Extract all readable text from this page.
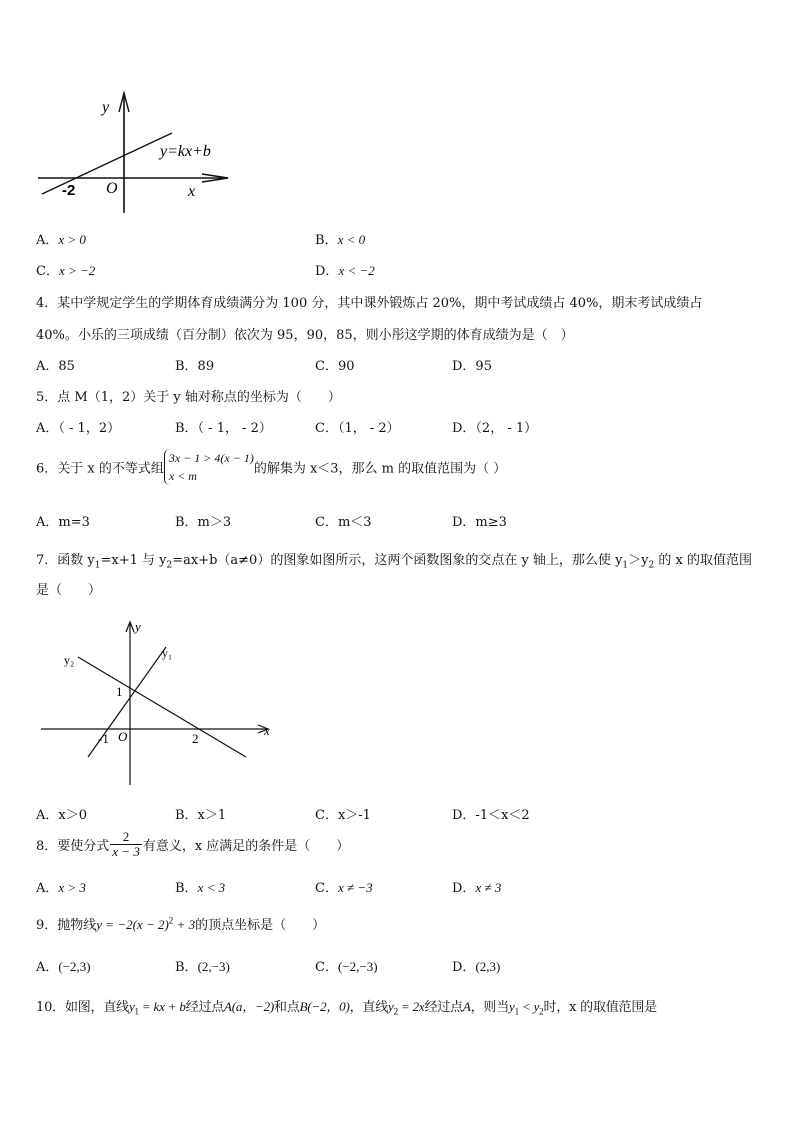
y
x
O
-2
y=kx+b
A．x > 0	B．x < 0
C．x > −2	D．x < −2
4．某中学规定学生的学期体育成绩满分为 100 分，其中课外锻炼占 20%，期中考试成绩占 40%，期末考试成绩占
40%。小乐的三项成绩（百分制）依次为 95，90，85，则小彤这学期的体育成绩为是（　）
A．85	B．89	C．90	D．95
5．点 M（1，2）关于 y 轴对称点的坐标为（　　）
A．（ - 1，2）	B．（ - 1， - 2）	C．（1， - 2）	D．（2， - 1）
6．关于 x 的不等式组
3x − 1 > 4(x − 1)
x < m	的解集为 x＜3，那么 m 的取值范围为（ ）
A．m=3	B．m＞3	C．m＜3	D．m≥3
7．函数 $y_1=x+1$ 与 $y_2=ax+b(a\ne 0)$的图象如图所示，这两个函数图象的交点在 y 轴上，那么使 $y_1>y_2$ 的 x 的取值范围
是（　　）
y
x
O
y₁
y₂
1
-1	2
A．x＞0	B．x＞1	C．x＞-1	D．-1＜x＜2
8．要使分式 $\frac{2}{x - 3}$ 有意义，x 应满足的条件是（　　）
A．x > 3	B．x < 3	C．x ≠ −3	D．x ≠ 3
9．抛物线$y = -2(x - 2)^2 + 3$的顶点坐标是（　　）
A．(−2,3)	B．(2,−3)	C．(−2,−3)	D．(2,3)
10．如图，直线$y_1$ = kx + b经过点A(a，−2)和点B(−2，0)，直线$y_2 = 2x$经过点A，则当$y_1 < y_2$时，x 的取值范围是
